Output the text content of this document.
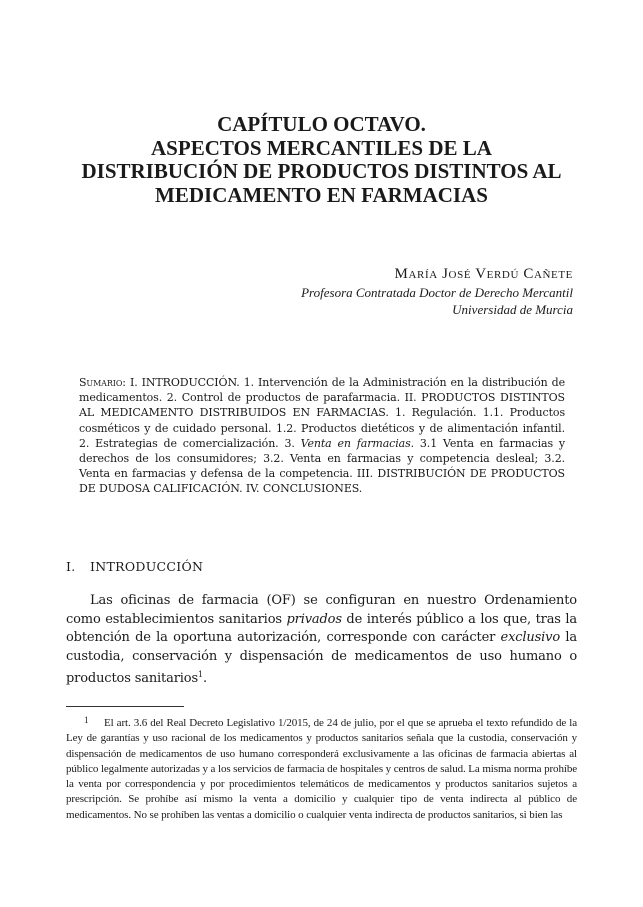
CAPÍTULO OCTAVO.
ASPECTOS MERCANTILES DE LA
DISTRIBUCIÓN DE PRODUCTOS DISTINTOS AL
MEDICAMENTO EN FARMACIAS
María José Verdú Cañete
Profesora Contratada Doctor de Derecho Mercantil
Universidad de Murcia
Sumario: I. INTRODUCCIÓN. 1. Intervención de la Administración en la distribución de medicamentos. 2. Control de productos de parafarmacia. II. PRODUCTOS DISTINTOS AL MEDICAMENTO DISTRIBUIDOS EN FARMACIAS. 1. Regulación. 1.1. Productos cosméticos y de cuidado personal. 1.2. Productos dietéticos y de alimentación infantil. 2. Estrategias de comercialización. 3. Venta en farmacias. 3.1 Venta en farmacias y derechos de los consumidores; 3.2. Venta en farmacias y competencia desleal; 3.2. Venta en farmacias y defensa de la competencia. III. DISTRIBUCIÓN DE PRODUCTOS DE DUDOSA CALIFICACIÓN. IV. CONCLUSIONES.
I. INTRODUCCIÓN

Las oficinas de farmacia (OF) se configuran en nuestro Ordenamiento como establecimientos sanitarios privados de interés público a los que, tras la obtención de la oportuna autorización, corresponde con carácter exclusivo la custodia, conservación y dispensación de medicamentos de uso humano o productos sanitarios$^1$.

1 El art. 3.6 del Real Decreto Legislativo 1/2015, de 24 de julio, por el que se aprueba el texto refundido de la Ley de garantías y uso racional de los medicamentos y productos sanitarios señala que la custodia, conservación y dispensación de medicamentos de uso humano corresponderá exclusivamente a las oficinas de farmacia abiertas al público legalmente autorizadas y a los servicios de farmacia de hospitales y centros de salud. La misma norma prohíbe la venta por correspondencia y por procedimientos telemáticos de medicamentos y productos sanitarios sujetos a prescripción. Se prohíbe así mismo la venta a domicilio y cualquier tipo de venta indirecta al público de medicamentos. No se prohíben las ventas a domicilio o cualquier venta indirecta de productos sanitarios, si bien las
